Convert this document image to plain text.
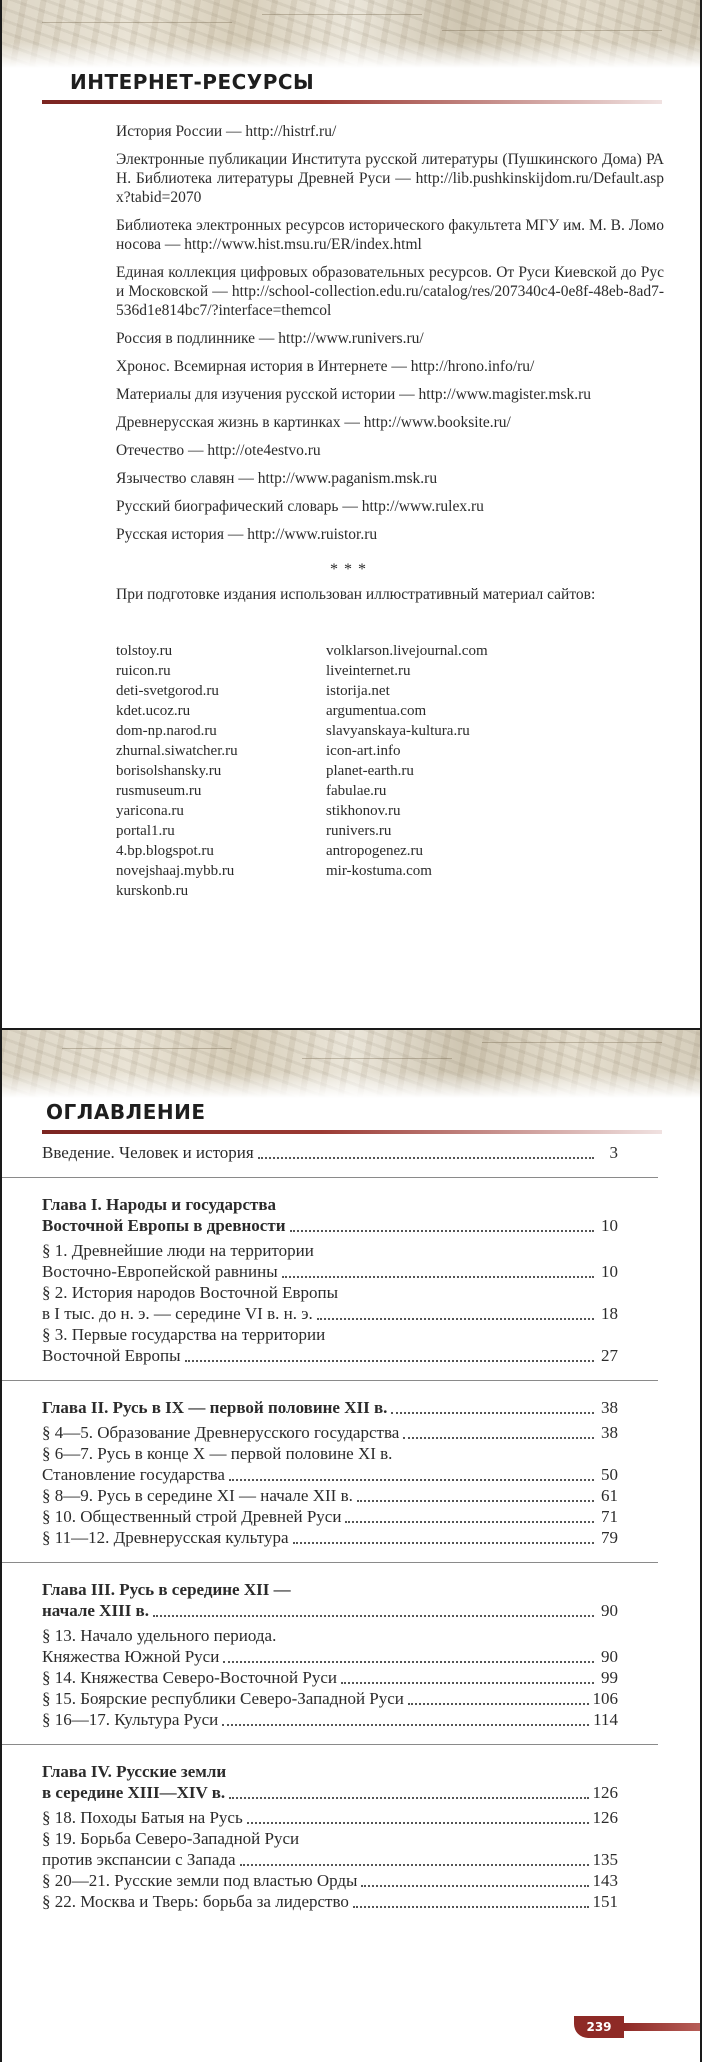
ИНТЕРНЕТ-РЕСУРСЫ
История России — http://histrf.ru/
Электронные публикации Института русской литературы (Пушкинского Дома) РАН. Библиотека литературы Древней Руси — http://lib.pushkinskijdom.ru/Default.aspx?tabid=2070
Библиотека электронных ресурсов исторического факультета МГУ им. М. В. Ломоносова — http://www.hist.msu.ru/ER/index.html
Единая коллекция цифровых образовательных ресурсов. От Руси Киевской до Руси Московской — http://school-collection.edu.ru/catalog/res/207340c4-0e8f-48eb-8ad7-536d1e814bc7/?interface=themcol
Россия в подлиннике — http://www.runivers.ru/
Хронос. Всемирная история в Интернете — http://hrono.info/ru/
Материалы для изучения русской истории — http://www.magister.msk.ru
Древнерусская жизнь в картинках — http://www.booksite.ru/
Отечество — http://ote4estvo.ru
Язычество славян — http://www.paganism.msk.ru
Русский биографический словарь — http://www.rulex.ru
Русская история — http://www.ruistor.ru
***
При подготовке издания использован иллюстративный материал сайтов:
tolstoy.ru
ruicon.ru
deti-svetgorod.ru
kdet.ucoz.ru
dom-np.narod.ru
zhurnal.siwatcher.ru
borisolshansky.ru
rusmuseum.ru
yaricona.ru
portal1.ru
4.bp.blogspot.ru
novejshaaj.mybb.ru
kurskonb.ru
volklarson.livejournal.com
liveinternet.ru
istorija.net
argumentua.com
slavyanskaya-kultura.ru
icon-art.info
planet-earth.ru
fabulae.ru
stikhonov.ru
runivers.ru
antropogenez.ru
mir-kostuma.com
ОГЛАВЛЕНИЕ
Введение. Человек и история	3
Глава I. Народы и государства
Восточной Европы в древности	10
§ 1. Древнейшие люди на территории
Восточно-Европейской равнины	10
§ 2. История народов Восточной Европы
в I тыс. до н. э. — середине VI в. н. э.	18
§ 3. Первые государства на территории
Восточной Европы	27
Глава II. Русь в IX — первой половине XII в.	38
§ 4—5. Образование Древнерусского государства	38
§ 6—7. Русь в конце X — первой половине XI в.
Становление государства	50
§ 8—9. Русь в середине XI — начале XII в.	61
§ 10. Общественный строй Древней Руси	71
§ 11—12. Древнерусская культура	79
Глава III. Русь в середине XII —
начале XIII в.	90
§ 13. Начало удельного периода.
Княжества Южной Руси	90
§ 14. Княжества Северо-Восточной Руси	99
§ 15. Боярские республики Северо-Западной Руси	106
§ 16—17. Культура Руси	114
Глава IV. Русские земли
в середине XIII—XIV в.	126
§ 18. Походы Батыя на Русь	126
§ 19. Борьба Северо-Западной Руси
против экспансии с Запада	135
§ 20—21. Русские земли под властью Орды	143
§ 22. Москва и Тверь: борьба за лидерство	151
239
